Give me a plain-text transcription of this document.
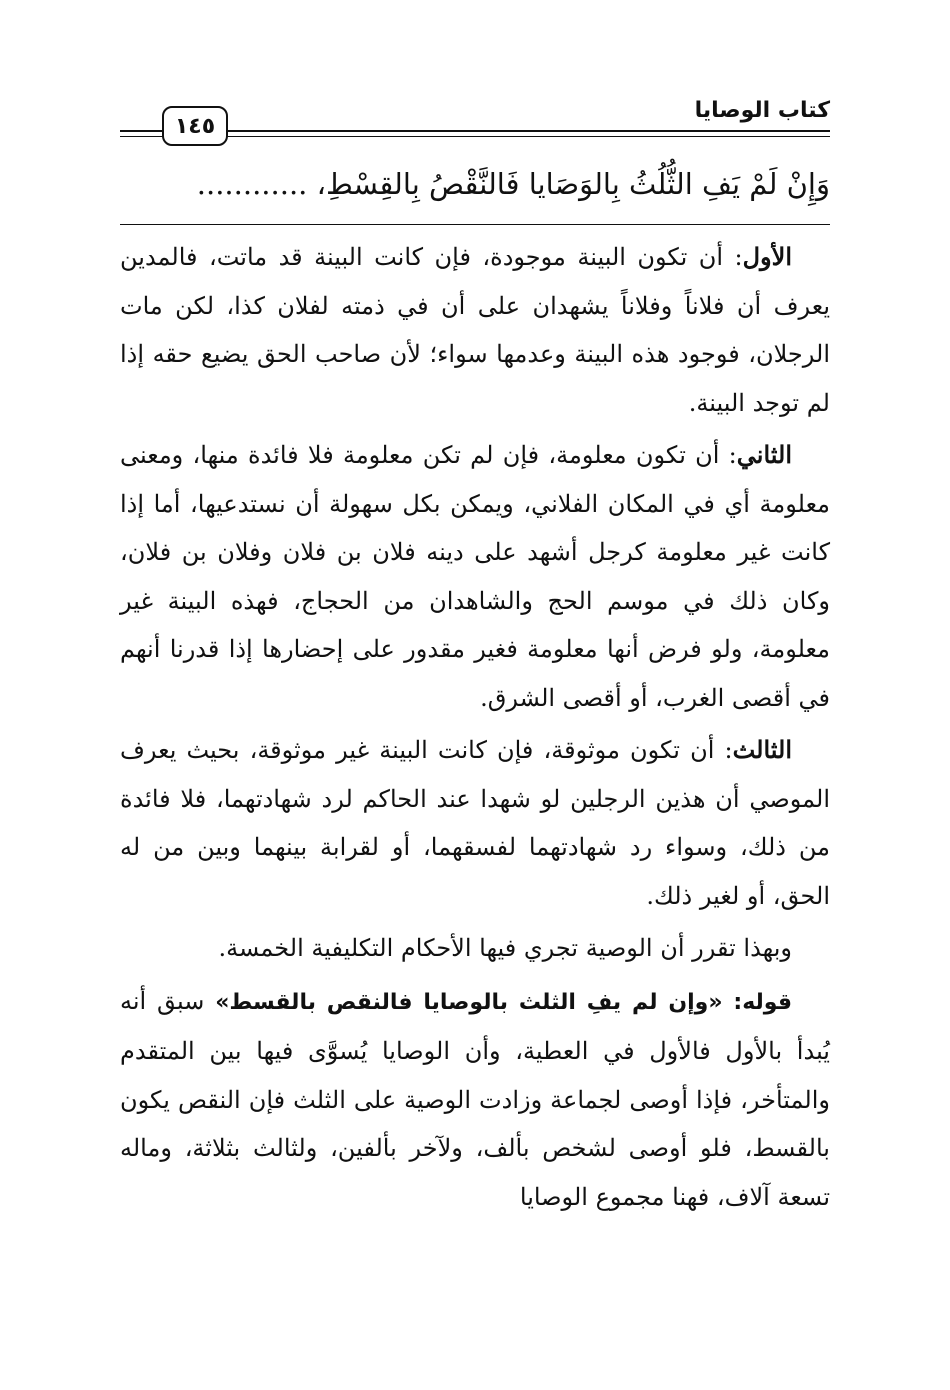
كتاب الوصايا
١٤٥
وَإِنْ لَمْ يَفِ الثُّلُثُ بِالوَصَايا فَالنَّقْصُ بِالقِسْطِ، ............

الأول: أن تكون البينة موجودة، فإن كانت البينة قد ماتت، فالمدين يعرف أن فلاناً وفلاناً يشهدان على أن في ذمته لفلان كذا، لكن مات الرجلان، فوجود هذه البينة وعدمها سواء؛ لأن صاحب الحق يضيع حقه إذا لم توجد البينة.

الثاني: أن تكون معلومة، فإن لم تكن معلومة فلا فائدة منها، ومعنى معلومة أي في المكان الفلاني، ويمكن بكل سهولة أن نستدعيها، أما إذا كانت غير معلومة كرجل أشهد على دينه فلان بن فلان وفلان بن فلان، وكان ذلك في موسم الحج والشاهدان من الحجاج، فهذه البينة غير معلومة، ولو فرض أنها معلومة فغير مقدور على إحضارها إذا قدرنا أنهم في أقصى الغرب، أو أقصى الشرق.

الثالث: أن تكون موثوقة، فإن كانت البينة غير موثوقة، بحيث يعرف الموصي أن هذين الرجلين لو شهدا عند الحاكم لرد شهادتهما، فلا فائدة من ذلك، وسواء رد شهادتهما لفسقهما، أو لقرابة بينهما وبين من له الحق، أو لغير ذلك.

وبهذا تقرر أن الوصية تجري فيها الأحكام التكليفية الخمسة.

قوله: «وإن لم يفِ الثلث بالوصايا فالنقص بالقسط» سبق أنه يُبدأ بالأول فالأول في العطية، وأن الوصايا يُسوَّى فيها بين المتقدم والمتأخر، فإذا أوصى لجماعة وزادت الوصية على الثلث فإن النقص يكون بالقسط، فلو أوصى لشخص بألف، ولآخر بألفين، ولثالث بثلاثة، وماله تسعة آلاف، فهنا مجموع الوصايا
